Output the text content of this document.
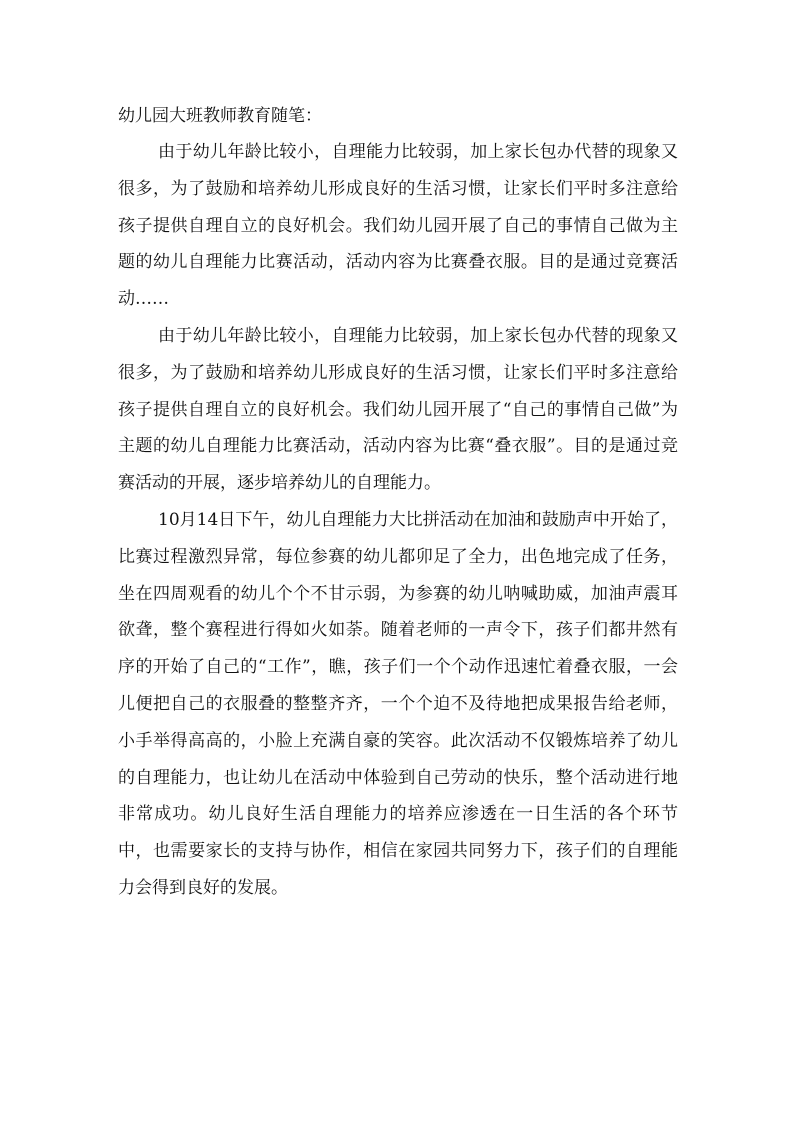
幼儿园大班教师教育随笔：

由于幼儿年龄比较小，自理能力比较弱，加上家长包办代替的现象又很多，为了鼓励和培养幼儿形成良好的生活习惯，让家长们平时多注意给孩子提供自理自立的良好机会。我们幼儿园开展了自己的事情自己做为主题的幼儿自理能力比赛活动，活动内容为比赛叠衣服。目的是通过竞赛活动……

由于幼儿年龄比较小，自理能力比较弱，加上家长包办代替的现象又很多，为了鼓励和培养幼儿形成良好的生活习惯，让家长们平时多注意给孩子提供自理自立的良好机会。我们幼儿园开展了“自己的事情自己做”为主题的幼儿自理能力比赛活动，活动内容为比赛“叠衣服”。目的是通过竞赛活动的开展，逐步培养幼儿的自理能力。

10月14日下午，幼儿自理能力大比拼活动在加油和鼓励声中开始了，比赛过程激烈异常，每位参赛的幼儿都卯足了全力，出色地完成了任务，坐在四周观看的幼儿个个不甘示弱，为参赛的幼儿呐喊助威，加油声震耳欲聋，整个赛程进行得如火如荼。随着老师的一声令下，孩子们都井然有序的开始了自己的“工作”，瞧，孩子们一个个动作迅速忙着叠衣服，一会儿便把自己的衣服叠的整整齐齐，一个个迫不及待地把成果报告给老师，小手举得高高的，小脸上充满自豪的笑容。此次活动不仅锻炼培养了幼儿的自理能力，也让幼儿在活动中体验到自己劳动的快乐，整个活动进行地非常成功。幼儿良好生活自理能力的培养应渗透在一日生活的各个环节中，也需要家长的支持与协作，相信在家园共同努力下，孩子们的自理能力会得到良好的发展。
